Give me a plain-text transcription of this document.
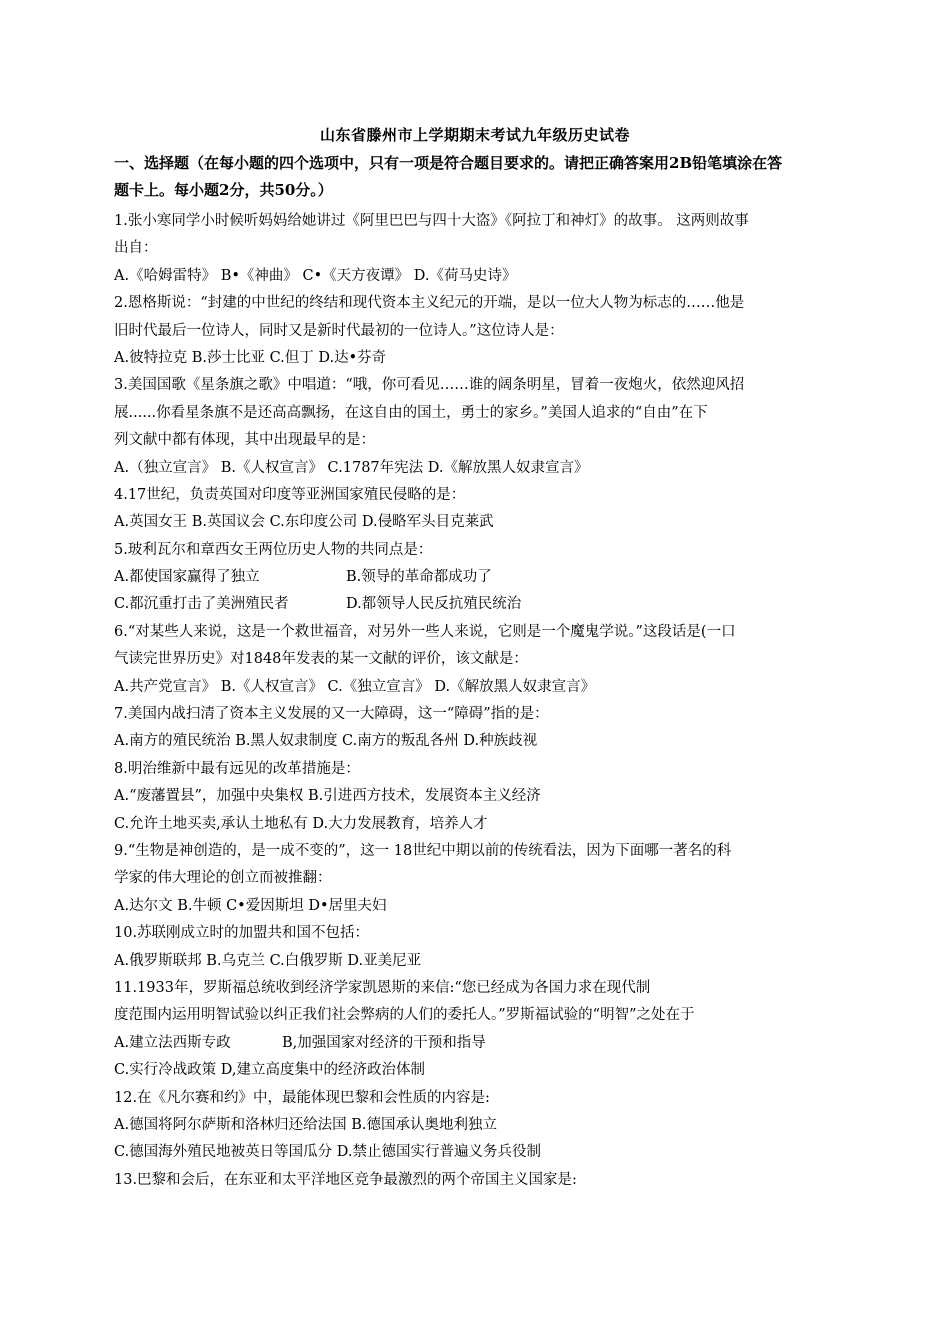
山东省滕州市上学期期末考试九年级历史试卷
一、选择题（在每小题的四个选项中，只有一项是符合题目要求的。请把正确答案用2B铅笔填涂在答
题卡上。每小题2分，共50分。）
1.张小寒同学小时候听妈妈给她讲过《阿里巴巴与四十大盗》《阿拉丁和神灯》的故事。 这两则故事
出自：
A.《哈姆雷特》 B•《神曲》 C•《天方夜谭》 D.《荷马史诗》
2.恩格斯说：“封建的中世纪的终结和现代资本主义纪元的开端，是以一位大人物为标志的……他是
旧时代最后一位诗人，同时又是新时代最初的一位诗人。”这位诗人是：
A.彼特拉克 B.莎士比亚 C.但丁 D.达•芬奇
3.美国国歌《星条旗之歌》中唱道：“哦，你可看见……谁的阔条明星，冒着一夜炮火，依然迎风招
展......你看星条旗不是还高高飘扬，在这自由的国土，勇士的家乡。”美国人追求的“自由”在下
列文献中都有体现，其中出现最早的是：
A.（独立宣言》 B.《人权宣言》 C.1787年宪法 D.《解放黑人奴隶宣言》
4.17世纪，负责英国对印度等亚洲国家殖民侵略的是：
A.英国女王 B.英国议会 C.东印度公司 D.侵略军头目克莱武
5.玻利瓦尔和章西女王两位历史人物的共同点是：
A.都使国家赢得了独立	B.领导的革命都成功了
C.都沉重打击了美洲殖民者	D.都领导人民反抗殖民统治
6.“对某些人来说，这是一个救世福音，对另外一些人来说，它则是一个魔鬼学说。”这段话是(一口
气读完世界历史》对1848年发表的某一文献的评价，该文献是：
A.共产党宣言》 B.《人权宣言》 C.《独立宣言》 D.《解放黑人奴隶宣言》
7.美国内战扫清了资本主义发展的又一大障碍，这一“障碍”指的是：
A.南方的殖民统治 B.黑人奴隶制度 C.南方的叛乱各州 D.种族歧视
8.明治维新中最有远见的改革措施是：
A.“废藩置县”，加强中央集权 B.引进西方技术，发展资本主义经济
C.允许土地买卖,承认土地私有 D.大力发展教育，培养人才
9.“生物是神创造的，是一成不变的”，这一 18世纪中期以前的传统看法，因为下面哪一著名的科
学家的伟大理论的创立而被推翻：
A.达尔文 B.牛顿 C•爱因斯坦 D•居里夫妇
10.苏联刚成立时的加盟共和国不包括：
A.俄罗斯联邦 B.乌克兰 C.白俄罗斯 D.亚美尼亚
11.1933年，罗斯福总统收到经济学家凯恩斯的来信:“您已经成为各国力求在现代制
度范围内运用明智试验以纠正我们社会弊病的人们的委托人。”罗斯福试验的“明智”之处在于
A.建立法西斯专政	B,加强国家对经济的干预和指导
C.实行冷战政策 D,建立高度集中的经济政治体制
12.在《凡尔赛和约》中，最能体现巴黎和会性质的内容是:
A.德国将阿尔萨斯和洛林归还给法国 B.德国承认奥地利独立
C.德国海外殖民地被英日等国瓜分 D.禁止德国实行普遍义务兵役制
13.巴黎和会后，在东亚和太平洋地区竞争最激烈的两个帝国主义国家是:
